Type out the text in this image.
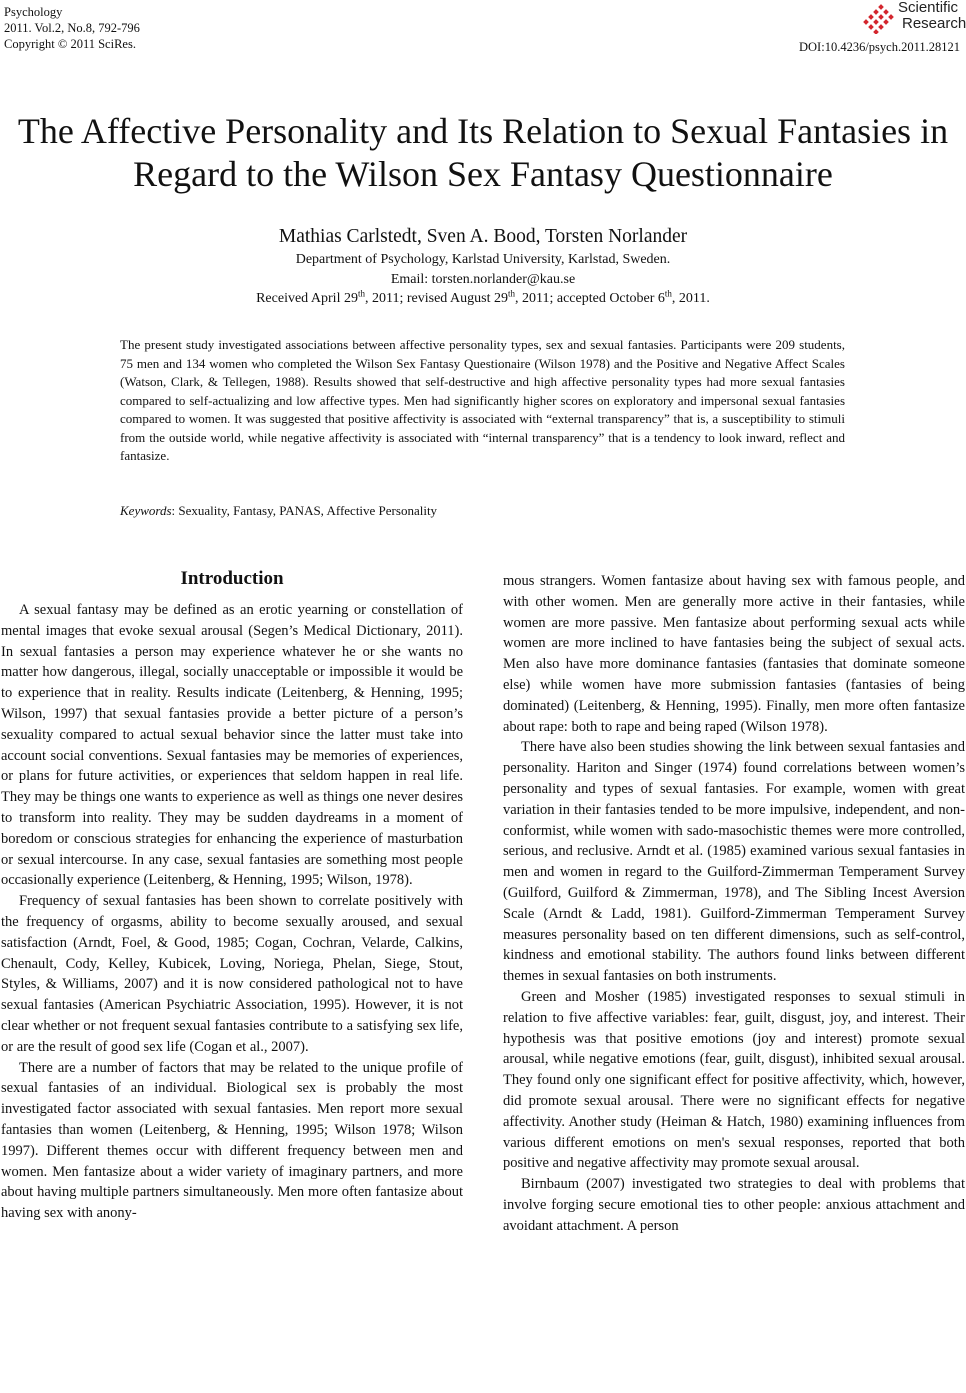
Psychology
2011. Vol.2, No.8, 792-796
Copyright © 2011 SciRes.
Scientific
Research
DOI:10.4236/psych.2011.28121
The Affective Personality and Its Relation to Sexual Fantasies in
Regard to the Wilson Sex Fantasy Questionnaire
Mathias Carlstedt, Sven A. Bood, Torsten Norlander
Department of Psychology, Karlstad University, Karlstad, Sweden.
Email: torsten.norlander@kau.se
Received April 29th, 2011; revised August 29th, 2011; accepted October 6th, 2011.

The present study investigated associations between affective personality types, sex and sexual fantasies. Participants were 209 students, 75 men and 134 women who completed the Wilson Sex Fantasy Questionaire (Wilson 1978) and the Positive and Negative Affect Scales (Watson, Clark, & Tellegen, 1988). Results showed that self-destructive and high affective personality types had more sexual fantasies compared to self-actualizing and low affective types. Men had significantly higher scores on exploratory and impersonal sexual fantasies compared to women. It was suggested that positive affectivity is associated with “external transparency” that is, a susceptibility to stimuli from the outside world, while negative affectivity is associated with “internal transparency” that is a tendency to look inward, reflect and fantasize.

Keywords: Sexuality, Fantasy, PANAS, Affective Personality
Introduction

A sexual fantasy may be defined as an erotic yearning or constellation of mental images that evoke sexual arousal (Segen’s Medical Dictionary, 2011). In sexual fantasies a person may experience whatever he or she wants no matter how dangerous, illegal, socially unacceptable or impossible it would be to experience that in reality. Results indicate (Leitenberg, & Henning, 1995; Wilson, 1997) that sexual fantasies provide a better picture of a person’s sexuality compared to actual sexual behavior since the latter must take into account social conventions. Sexual fantasies may be memories of experiences, or plans for future activities, or experiences that seldom happen in real life. They may be things one wants to experience as well as things one never desires to transform into reality. They may be sudden daydreams in a moment of boredom or conscious strategies for enhancing the experience of masturbation or sexual intercourse. In any case, sexual fantasies are something most people occasionally experience (Leitenberg, & Henning, 1995; Wilson, 1978).

Frequency of sexual fantasies has been shown to correlate positively with the frequency of orgasms, ability to become sexually aroused, and sexual satisfaction (Arndt, Foel, & Good, 1985; Cogan, Cochran, Velarde, Calkins, Chenault, Cody, Kelley, Kubicek, Loving, Noriega, Phelan, Siege, Stout, Styles, & Williams, 2007) and it is now considered pathological not to have sexual fantasies (American Psychiatric Association, 1995). However, it is not clear whether or not frequent sexual fantasies contribute to a satisfying sex life, or are the result of good sex life (Cogan et al., 2007).

There are a number of factors that may be related to the unique profile of sexual fantasies of an individual. Biological sex is probably the most investigated factor associated with sexual fantasies. Men report more sexual fantasies than women (Leitenberg, & Henning, 1995; Wilson 1978; Wilson 1997). Different themes occur with different frequency between men and women. Men fantasize about a wider variety of imaginary partners, and more about having multiple partners simultaneously. Men more often fantasize about having sex with anony-

mous strangers. Women fantasize about having sex with famous people, and with other women. Men are generally more active in their fantasies, while women are more passive. Men fantasize about performing sexual acts while women are more inclined to have fantasies being the subject of sexual acts. Men also have more dominance fantasies (fantasies that dominate someone else) while women have more submission fantasies (fantasies of being dominated) (Leitenberg, & Henning, 1995). Finally, men more often fantasize about rape: both to rape and being raped (Wilson 1978).

There have also been studies showing the link between sexual fantasies and personality. Hariton and Singer (1974) found correlations between women’s personality and types of sexual fantasies. For example, women with great variation in their fantasies tended to be more impulsive, independent, and non-conformist, while women with sado-masochistic themes were more controlled, serious, and reclusive. Arndt et al. (1985) examined various sexual fantasies in men and women in regard to the Guilford-Zimmerman Temperament Survey (Guilford, Guilford & Zimmerman, 1978), and The Sibling Incest Aversion Scale (Arndt & Ladd, 1981). Guilford-Zimmerman Temperament Survey measures personality based on ten different dimensions, such as self-control, kindness and emotional stability. The authors found links between different themes in sexual fantasies on both instruments.

Green and Mosher (1985) investigated responses to sexual stimuli in relation to five affective variables: fear, guilt, disgust, joy, and interest. Their hypothesis was that positive emotions (joy and interest) promote sexual arousal, while negative emotions (fear, guilt, disgust), inhibited sexual arousal. They found only one significant effect for positive affectivity, which, however, did promote sexual arousal. There were no significant effects for negative affectivity. Another study (Heiman & Hatch, 1980) examining influences from various different emotions on men's sexual responses, reported that both positive and negative affectivity may promote sexual arousal.

Birnbaum (2007) investigated two strategies to deal with problems that involve forging secure emotional ties to other people: anxious attachment and avoidant attachment. A person
